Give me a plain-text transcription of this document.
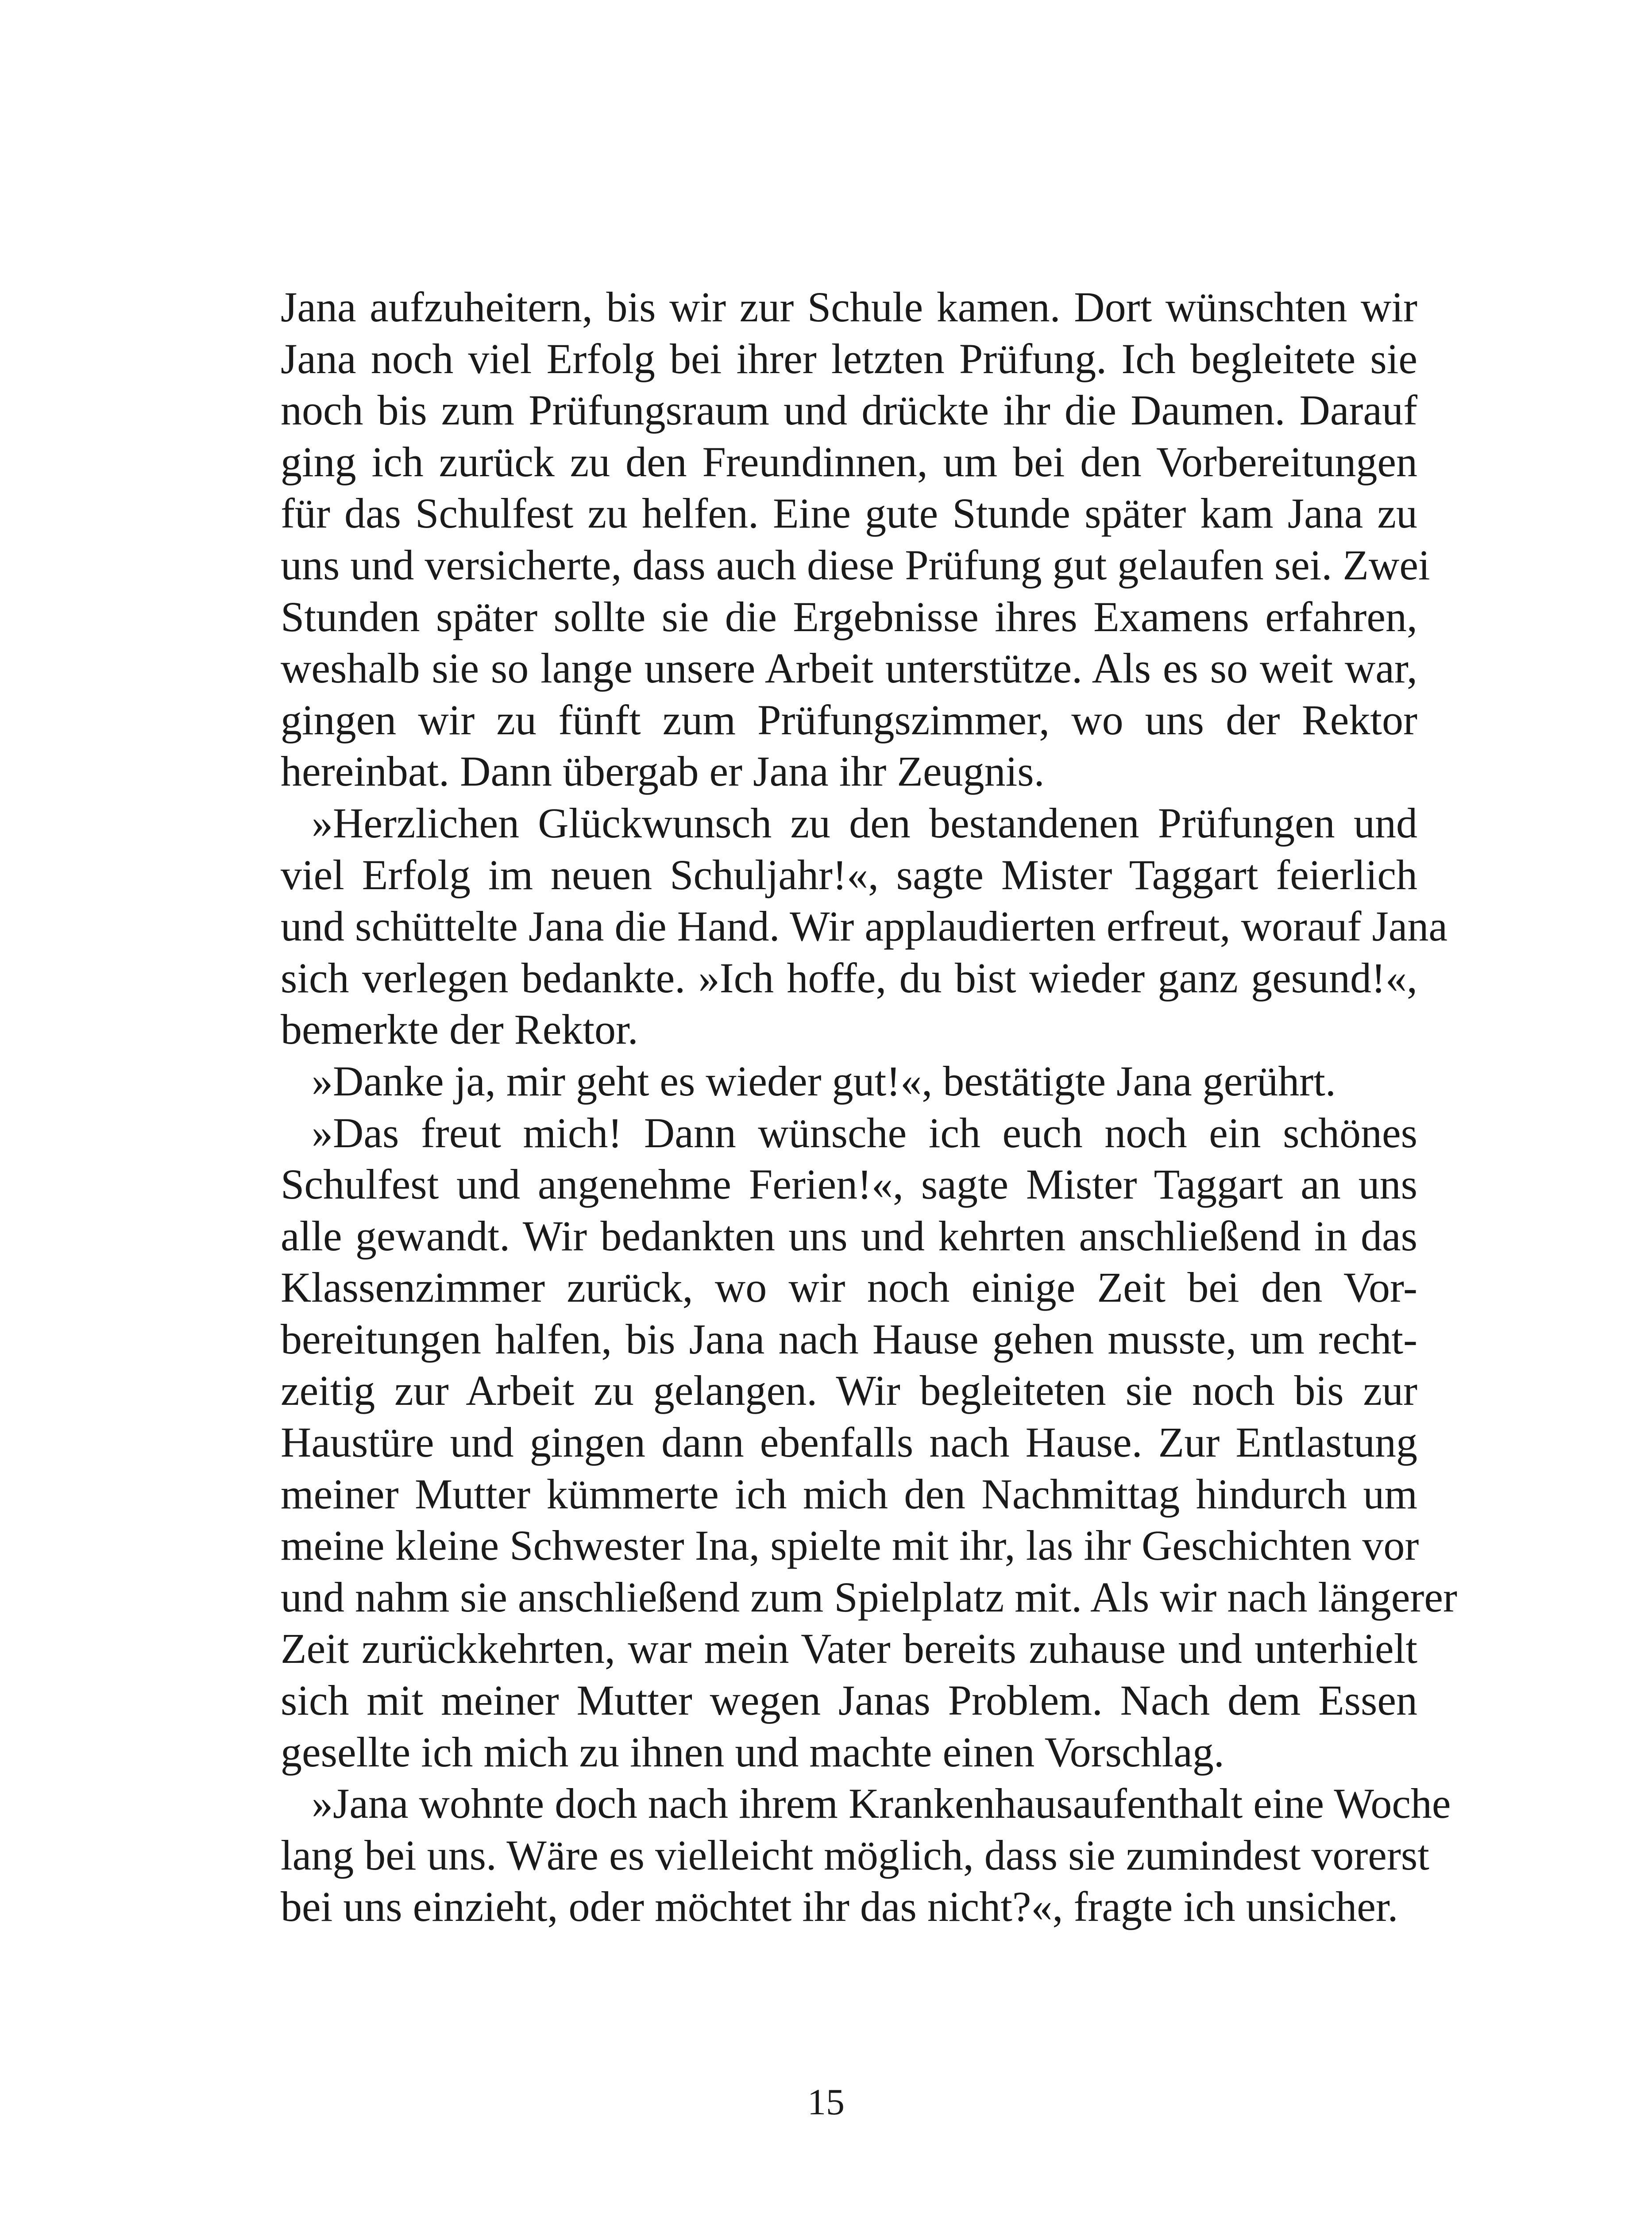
Jana aufzuheitern, bis wir zur Schule kamen. Dort wünschten wir
Jana noch viel Erfolg bei ihrer letzten Prüfung. Ich begleitete sie
noch bis zum Prüfungsraum und drückte ihr die Daumen. Darauf
ging ich zurück zu den Freundinnen, um bei den Vorbereitungen
für das Schulfest zu helfen. Eine gute Stunde später kam Jana zu
uns und versicherte, dass auch diese Prüfung gut gelaufen sei. Zwei
Stunden später sollte sie die Ergebnisse ihres Examens erfahren,
weshalb sie so lange unsere Arbeit unterstütze. Als es so weit war,
gingen wir zu fünft zum Prüfungszimmer, wo uns der Rektor
hereinbat. Dann übergab er Jana ihr Zeugnis.
»Herzlichen Glückwunsch zu den bestandenen Prüfungen und
viel Erfolg im neuen Schuljahr!«, sagte Mister Taggart feierlich
und schüttelte Jana die Hand. Wir applaudierten erfreut, worauf Jana
sich verlegen bedankte. »Ich hoffe, du bist wieder ganz gesund!«,
bemerkte der Rektor.
»Danke ja, mir geht es wieder gut!«, bestätigte Jana gerührt.
»Das freut mich! Dann wünsche ich euch noch ein schönes
Schulfest und angenehme Ferien!«, sagte Mister Taggart an uns
alle gewandt. Wir bedankten uns und kehrten anschließend in das
Klassenzimmer zurück, wo wir noch einige Zeit bei den Vor-
bereitungen halfen, bis Jana nach Hause gehen musste, um recht-
zeitig zur Arbeit zu gelangen. Wir begleiteten sie noch bis zur
Haustüre und gingen dann ebenfalls nach Hause. Zur Entlastung
meiner Mutter kümmerte ich mich den Nachmittag hindurch um
meine kleine Schwester Ina, spielte mit ihr, las ihr Geschichten vor
und nahm sie anschließend zum Spielplatz mit. Als wir nach längerer
Zeit zurückkehrten, war mein Vater bereits zuhause und unterhielt
sich mit meiner Mutter wegen Janas Problem. Nach dem Essen
gesellte ich mich zu ihnen und machte einen Vorschlag.
»Jana wohnte doch nach ihrem Krankenhausaufenthalt eine Woche
lang bei uns. Wäre es vielleicht möglich, dass sie zumindest vorerst
bei uns einzieht, oder möchtet ihr das nicht?«, fragte ich unsicher.
15
